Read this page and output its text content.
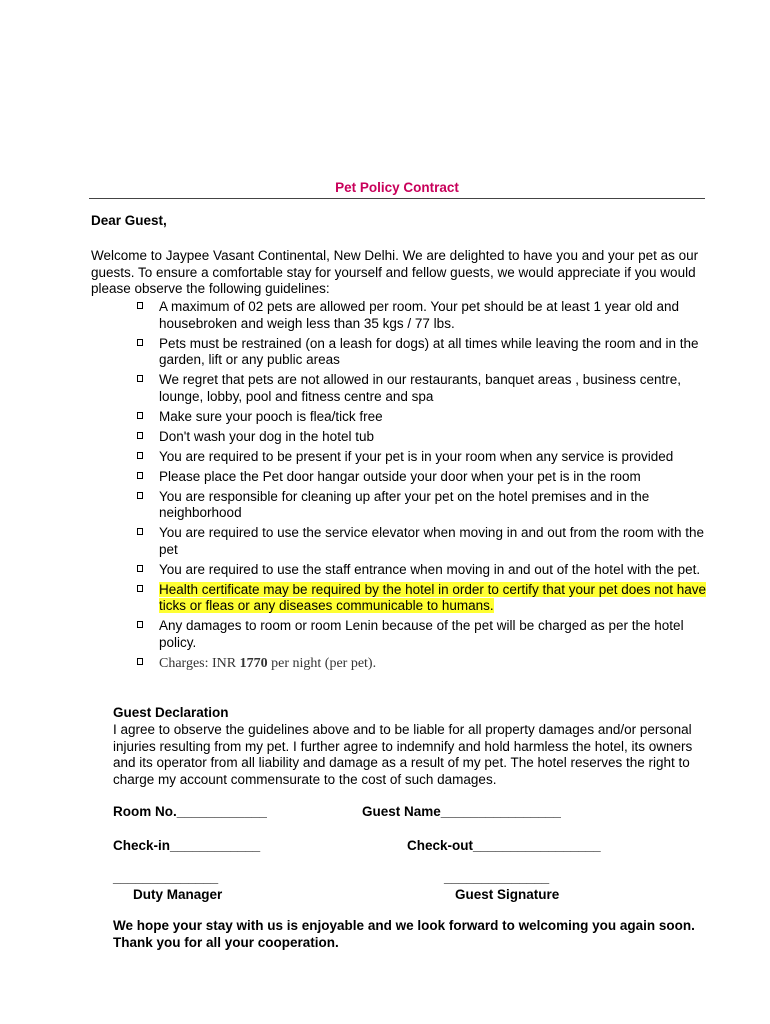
Pet Policy Contract
Dear Guest,
Welcome to Jaypee Vasant Continental, New Delhi. We are delighted to have you and your pet as our guests. To ensure a comfortable stay for yourself and fellow guests, we would appreciate if you would please observe the following guidelines:
A maximum of 02 pets are allowed per room. Your pet should be at least 1 year old and housebroken and weigh less than 35 kgs / 77 lbs.
Pets must be restrained (on a leash for dogs) at all times while leaving the room and in the garden, lift or any public areas
We regret that pets are not allowed in our restaurants, banquet areas , business centre, lounge, lobby, pool and fitness centre and spa
Make sure your pooch is flea/tick free
Don't wash your dog in the hotel tub
You are required to be present if your pet is in your room when any service is provided
Please place the Pet door hangar outside your door when your pet is in the room
You are responsible for cleaning up after your pet on the hotel premises and in the neighborhood
You are required to use the service elevator when moving in and out from the room with the pet
You are required to use the staff entrance when moving in and out of the hotel with the pet.
Health certificate may be required by the hotel in order to certify that your pet does not have ticks or fleas or any diseases communicable to humans.
Any damages to room or room Lenin because of the pet will be charged as per the hotel policy.
Charges: INR 1770 per night (per pet).
Guest Declaration
I agree to observe the guidelines above and to be liable for all property damages and/or personal injuries resulting from my pet. I further agree to indemnify and hold harmless the hotel, its owners and its operator from all liability and damage as a result of my pet. The hotel reserves the right to charge my account commensurate to the cost of such damages.
Room No.____________	Guest Name________________
Check-in____________	Check-out_________________
______________
Duty Manager
______________
Guest Signature
We hope your stay with us is enjoyable and we look forward to welcoming you again soon. Thank you for all your cooperation.
